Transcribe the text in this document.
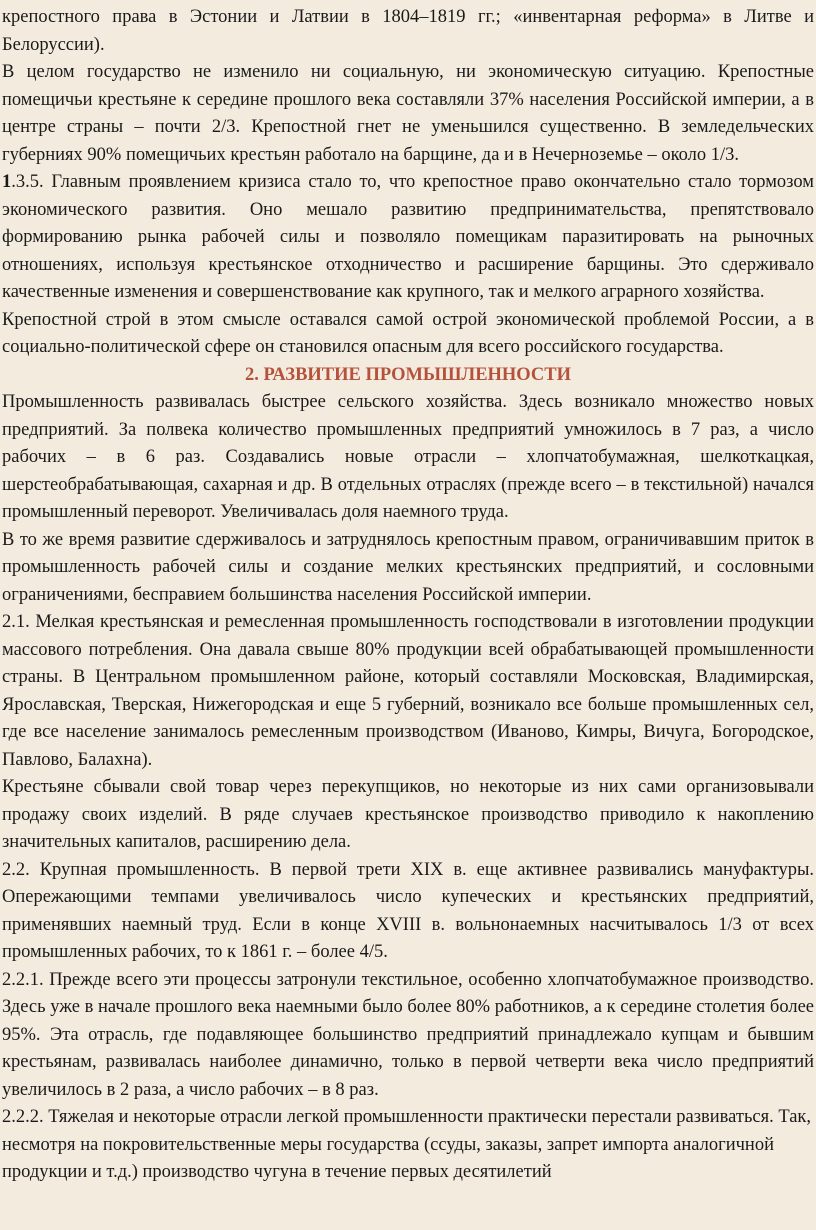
крепостного права в Эстонии и Латвии в 1804–1819 гг.; «инвентарная реформа» в Литве и Белоруссии).

В целом государство не изменило ни социальную, ни экономическую ситуацию. Крепостные помещичьи крестьяне к середине прошлого века составляли 37% населения Российской империи, а в центре страны – почти 2/3. Крепостной гнет не уменьшился существенно. В земледельческих губерниях 90% помещичьих крестьян работало на барщине, да и в Нечерноземье – около 1/3.

1.3.5. Главным проявлением кризиса стало то, что крепостное право окончательно стало тормозом экономического развития. Оно мешало развитию предпринимательства, препятствовало формированию рынка рабочей силы и позволяло помещикам паразитировать на рыночных отношениях, используя крестьянское отходничество и расширение барщины. Это сдерживало качественные изменения и совершенствование как крупного, так и мелкого аграрного хозяйства.

Крепостной строй в этом смысле оставался самой острой экономической проблемой России, а в социально-политической сфере он становился опасным для всего российского государства.

2. РАЗВИТИЕ ПРОМЫШЛЕННОСТИ

Промышленность развивалась быстрее сельского хозяйства. Здесь возникало множество новых предприятий. За полвека количество промышленных предприятий умножилось в 7 раз, а число рабочих – в 6 раз. Создавались новые отрасли – хлопчатобумажная, шелкоткацкая, шерстеобрабатывающая, сахарная и др. В отдельных отраслях (прежде всего – в текстильной) начался промышленный переворот. Увеличивалась доля наемного труда.

В то же время развитие сдерживалось и затруднялось крепостным правом, ограничивавшим приток в промышленность рабочей силы и создание мелких крестьянских предприятий, и сословными ограничениями, бесправием большинства населения Российской империи.

2.1. Мелкая крестьянская и ремесленная промышленность господствовали в изготовлении продукции массового потребления. Она давала свыше 80% продукции всей обрабатывающей промышленности страны. В Центральном промышленном районе, который составляли Московская, Владимирская, Ярославская, Тверская, Нижегородская и еще 5 губерний, возникало все больше промышленных сел, где все население занималось ремесленным производством (Иваново, Кимры, Вичуга, Богородское, Павлово, Балахна).

Крестьяне сбывали свой товар через перекупщиков, но некоторые из них сами организовывали продажу своих изделий. В ряде случаев крестьянское производство приводило к накоплению значительных капиталов, расширению дела.

2.2. Крупная промышленность. В первой трети XIX в. еще активнее развивались мануфактуры. Опережающими темпами увеличивалось число купеческих и крестьянских предприятий, применявших наемный труд. Если в конце XVIII в. вольнонаемных насчитывалось 1/3 от всех промышленных рабочих, то к 1861 г. – более 4/5.

2.2.1. Прежде всего эти процессы затронули текстильное, особенно хлопчатобумажное производство. Здесь уже в начале прошлого века наемными было более 80% работников, а к середине столетия более 95%. Эта отрасль, где подавляющее большинство предприятий принадлежало купцам и бывшим крестьянам, развивалась наиболее динамично, только в первой четверти века число предприятий увеличилось в 2 раза, а число рабочих – в 8 раз.

2.2.2. Тяжелая и некоторые отрасли легкой промышленности практически перестали развиваться. Так, несмотря на покровительственные меры государства (ссуды, заказы, запрет импорта аналогичной продукции и т.д.) производство чугуна в течение первых десятилетий
